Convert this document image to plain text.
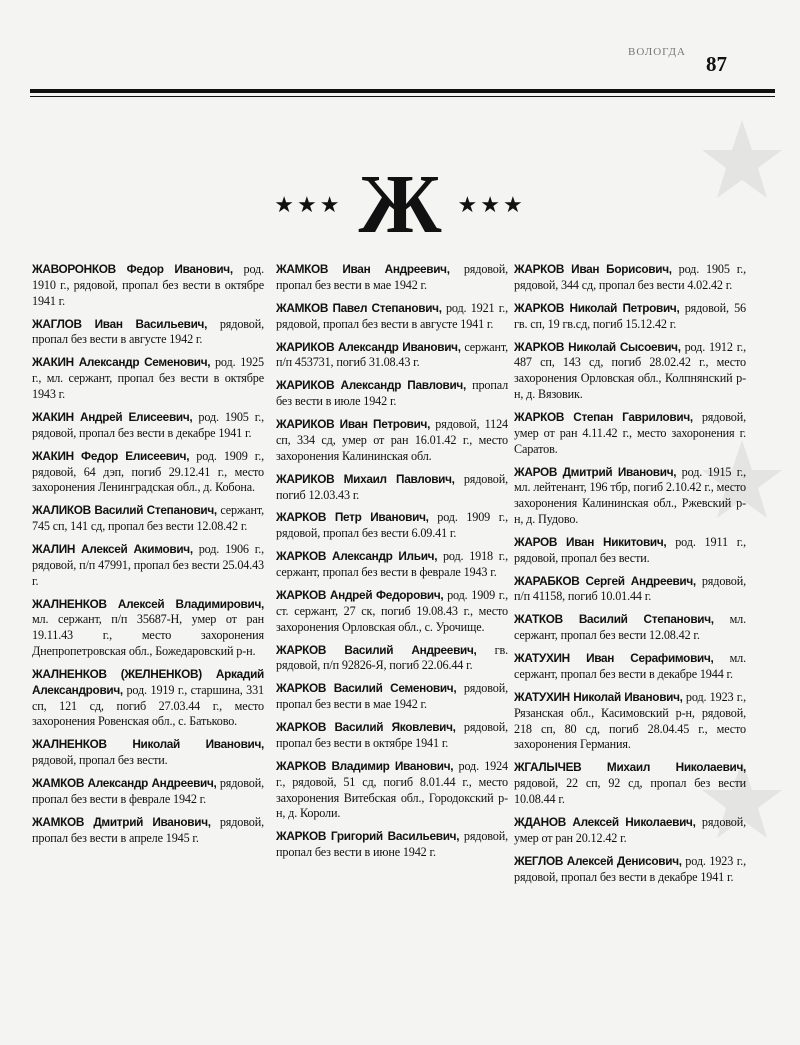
ВОЛОГДА 87
★★★ Ж ★★★

ЖАВОРОНКОВ Федор Иванович, род. 1910 г., рядовой, пропал без вести в октябре 1941 г.

ЖАГЛОВ Иван Васильевич, рядовой, пропал без вести в августе 1942 г.

ЖАКИН Александр Семенович, род. 1925 г., мл. сержант, пропал без вести в октябре 1943 г.

ЖАКИН Андрей Елисеевич, род. 1905 г., рядовой, пропал без вести в декабре 1941 г.

ЖАКИН Федор Елисеевич, род. 1909 г., рядовой, 64 дэп, погиб 29.12.41 г., место захоронения Ленинградская обл., д. Кобона.

ЖАЛИКОВ Василий Степанович, сержант, 745 сп, 141 сд, пропал без вести 12.08.42 г.

ЖАЛИН Алексей Акимович, род. 1906 г., рядовой, п/п 47991, пропал без вести 25.04.43 г.

ЖАЛНЕНКОВ Алексей Владимирович, мл. сержант, п/п 35687-Н, умер от ран 19.11.43 г., место захоронения Днепропетровская обл., Божедаровский р-н.

ЖАЛНЕНКОВ (ЖЕЛНЕНКОВ) Аркадий Александрович, род. 1919 г., старшина, 331 сп, 121 сд, погиб 27.03.44 г., место захоронения Ровенская обл., с. Батьково.

ЖАЛНЕНКОВ Николай Иванович, рядовой, пропал без вести.

ЖАМКОВ Александр Андреевич, рядовой, пропал без вести в феврале 1942 г.

ЖАМКОВ Дмитрий Иванович, рядовой, пропал без вести в апреле 1945 г.

ЖАМКОВ Иван Андреевич, рядовой, пропал без вести в мае 1942 г.

ЖАМКОВ Павел Степанович, род. 1921 г., рядовой, пропал без вести в августе 1941 г.

ЖАРИКОВ Александр Иванович, сержант, п/п 453731, погиб 31.08.43 г.

ЖАРИКОВ Александр Павлович, пропал без вести в июле 1942 г.

ЖАРИКОВ Иван Петрович, рядовой, 1124 сп, 334 сд, умер от ран 16.01.42 г., место захоронения Калининская обл.

ЖАРИКОВ Михаил Павлович, рядовой, погиб 12.03.43 г.

ЖАРКОВ Петр Иванович, род. 1909 г., рядовой, пропал без вести 6.09.41 г.

ЖАРКОВ Александр Ильич, род. 1918 г., сержант, пропал без вести в феврале 1943 г.

ЖАРКОВ Андрей Федорович, род. 1909 г., ст. сержант, 27 ск, погиб 19.08.43 г., место захоронения Орловская обл., с. Урочище.

ЖАРКОВ Василий Андреевич, гв. рядовой, п/п 92826-Я, погиб 22.06.44 г.

ЖАРКОВ Василий Семенович, рядовой, пропал без вести в мае 1942 г.

ЖАРКОВ Василий Яковлевич, рядовой, пропал без вести в октябре 1941 г.

ЖАРКОВ Владимир Иванович, род. 1924 г., рядовой, 51 сд, погиб 8.01.44 г., место захоронения Витебская обл., Городокский р-н, д. Короли.

ЖАРКОВ Григорий Васильевич, рядовой, пропал без вести в июне 1942 г.

ЖАРКОВ Иван Борисович, род. 1905 г., рядовой, 344 сд, пропал без вести 4.02.42 г.

ЖАРКОВ Николай Петрович, рядовой, 56 гв. сп, 19 гв.сд, погиб 15.12.42 г.

ЖАРКОВ Николай Сысоевич, род. 1912 г., 487 сп, 143 сд, погиб 28.02.42 г., место захоронения Орловская обл., Колпнянский р-н, д. Вязовик.

ЖАРКОВ Степан Гаврилович, рядовой, умер от ран 4.11.42 г., место захоронения г. Саратов.

ЖАРОВ Дмитрий Иванович, род. 1915 г., мл. лейтенант, 196 тбр, погиб 2.10.42 г., место захоронения Калининская обл., Ржевский р-н, д. Пудово.

ЖАРОВ Иван Никитович, род. 1911 г., рядовой, пропал без вести.

ЖАРАБКОВ Сергей Андреевич, рядовой, п/п 41158, погиб 10.01.44 г.

ЖАТКОВ Василий Степанович, мл. сержант, пропал без вести 12.08.42 г.

ЖАТУХИН Иван Серафимович, мл. сержант, пропал без вести в декабре 1944 г.

ЖАТУХИН Николай Иванович, род. 1923 г., Рязанская обл., Касимовский р-н, рядовой, 218 сп, 80 сд, погиб 28.04.45 г., место захоронения Германия.

ЖГАЛЫЧЕВ Михаил Николаевич, рядовой, 22 сп, 92 сд, пропал без вести 10.08.44 г.

ЖДАНОВ Алексей Николаевич, рядовой, умер от ран 20.12.42 г.

ЖЕГЛОВ Алексей Денисович, род. 1923 г., рядовой, пропал без вести в декабре 1941 г.
